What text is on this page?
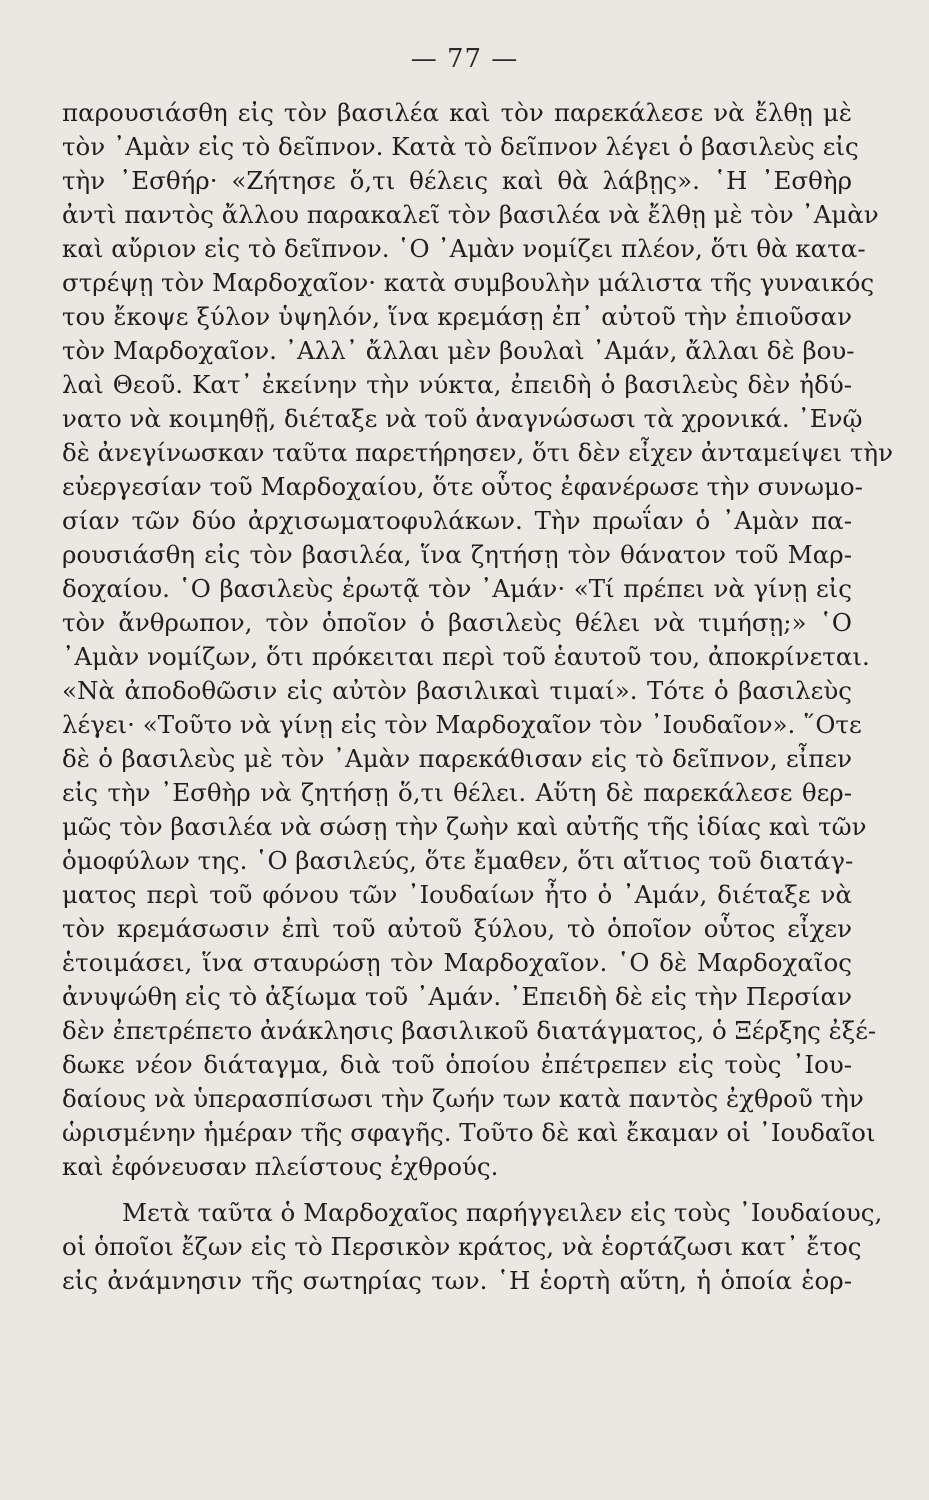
— 77 —
παρουσιάσθη εἰς τὸν βασιλέα καὶ τὸν παρεκάλεσε νὰ ἔλθῃ μὲ
τὸν ᾿Αμὰν εἰς τὸ δεῖπνον. Κατὰ τὸ δεῖπνον λέγει ὁ βασιλεὺς εἰς
τὴν ᾿Εσθήρ· «Ζήτησε ὅ,τι θέλεις καὶ θὰ λάβῃς». ῾Η ᾿Εσθὴρ
ἀντὶ παντὸς ἄλλου παρακαλεῖ τὸν βασιλέα νὰ ἔλθῃ μὲ τὸν ᾿Αμὰν
καὶ αὔριον εἰς τὸ δεῖπνον. ῾Ο ᾿Αμὰν νομίζει πλέον, ὅτι θὰ κατα-
στρέψῃ τὸν Μαρδοχαῖον· κατὰ συμβουλὴν μάλιστα τῆς γυναικός
του ἔκοψε ξύλον ὑψηλόν, ἵνα κρεμάσῃ ἐπ᾿ αὐτοῦ τὴν ἐπιοῦσαν
τὸν Μαρδοχαῖον. ᾿Αλλ᾿ ἄλλαι μὲν βουλαὶ ᾿Αμάν, ἄλλαι δὲ βου-
λαὶ Θεοῦ. Κατ᾿ ἐκείνην τὴν νύκτα, ἐπειδὴ ὁ βασιλεὺς δὲν ἠδύ-
νατο νὰ κοιμηθῇ, διέταξε νὰ τοῦ ἀναγνώσωσι τὰ χρονικά. ᾿Ενῷ
δὲ ἀνεγίνωσκαν ταῦτα παρετήρησεν, ὅτι δὲν εἶχεν ἀνταμείψει τὴν
εὐεργεσίαν τοῦ Μαρδοχαίου, ὅτε οὗτος ἐφανέρωσε τὴν συνωμο-
σίαν τῶν δύο ἀρχισωματοφυλάκων. Τὴν πρωΐαν ὁ ᾿Αμὰν πα-
ρουσιάσθη εἰς τὸν βασιλέα, ἵνα ζητήσῃ τὸν θάνατον τοῦ Μαρ-
δοχαίου. ῾Ο βασιλεὺς ἐρωτᾷ τὸν ᾿Αμάν· «Τί πρέπει νὰ γίνῃ εἰς
τὸν ἄνθρωπον, τὸν ὁποῖον ὁ βασιλεὺς θέλει νὰ τιμήσῃ;» ῾Ο
᾿Αμὰν νομίζων, ὅτι πρόκειται περὶ τοῦ ἑαυτοῦ του, ἀποκρίνεται.
«Νὰ ἀποδοθῶσιν εἰς αὐτὸν βασιλικαὶ τιμαί». Τότε ὁ βασιλεὺς
λέγει· «Τοῦτο νὰ γίνῃ εἰς τὸν Μαρδοχαῖον τὸν ᾿Ιουδαῖον». ῞Οτε
δὲ ὁ βασιλεὺς μὲ τὸν ᾿Αμὰν παρεκάθισαν εἰς τὸ δεῖπνον, εἶπεν
εἰς τὴν ᾿Εσθὴρ νὰ ζητήσῃ ὅ,τι θέλει. Αὕτη δὲ παρεκάλεσε θερ-
μῶς τὸν βασιλέα νὰ σώσῃ τὴν ζωὴν καὶ αὐτῆς τῆς ἰδίας καὶ τῶν
ὁμοφύλων της. ῾Ο βασιλεύς, ὅτε ἔμαθεν, ὅτι αἴτιος τοῦ διατάγ-
ματος περὶ τοῦ φόνου τῶν ᾿Ιουδαίων ἦτο ὁ ᾿Αμάν, διέταξε νὰ
τὸν κρεμάσωσιν ἐπὶ τοῦ αὐτοῦ ξύλου, τὸ ὁποῖον οὗτος εἶχεν
ἑτοιμάσει, ἵνα σταυρώσῃ τὸν Μαρδοχαῖον. ῾Ο δὲ Μαρδοχαῖος
ἀνυψώθη εἰς τὸ ἀξίωμα τοῦ ᾿Αμάν. ᾿Επειδὴ δὲ εἰς τὴν Περσίαν
δὲν ἐπετρέπετο ἀνάκλησις βασιλικοῦ διατάγματος, ὁ Ξέρξης ἐξέ-
δωκε νέον διάταγμα, διὰ τοῦ ὁποίου ἐπέτρεπεν εἰς τοὺς ᾿Ιου-
δαίους νὰ ὑπερασπίσωσι τὴν ζωήν των κατὰ παντὸς ἐχθροῦ τὴν
ὡρισμένην ἡμέραν τῆς σφαγῆς. Τοῦτο δὲ καὶ ἔκαμαν οἱ ᾿Ιουδαῖοι
καὶ ἐφόνευσαν πλείστους ἐχθρούς.
Μετὰ ταῦτα ὁ Μαρδοχαῖος παρήγγειλεν εἰς τοὺς ᾿Ιουδαίους,
οἱ ὁποῖοι ἔζων εἰς τὸ Περσικὸν κράτος, νὰ ἑορτάζωσι κατ᾿ ἔτος
εἰς ἀνάμνησιν τῆς σωτηρίας των. ῾Η ἑορτὴ αὕτη, ἡ ὁποία ἑορ-
